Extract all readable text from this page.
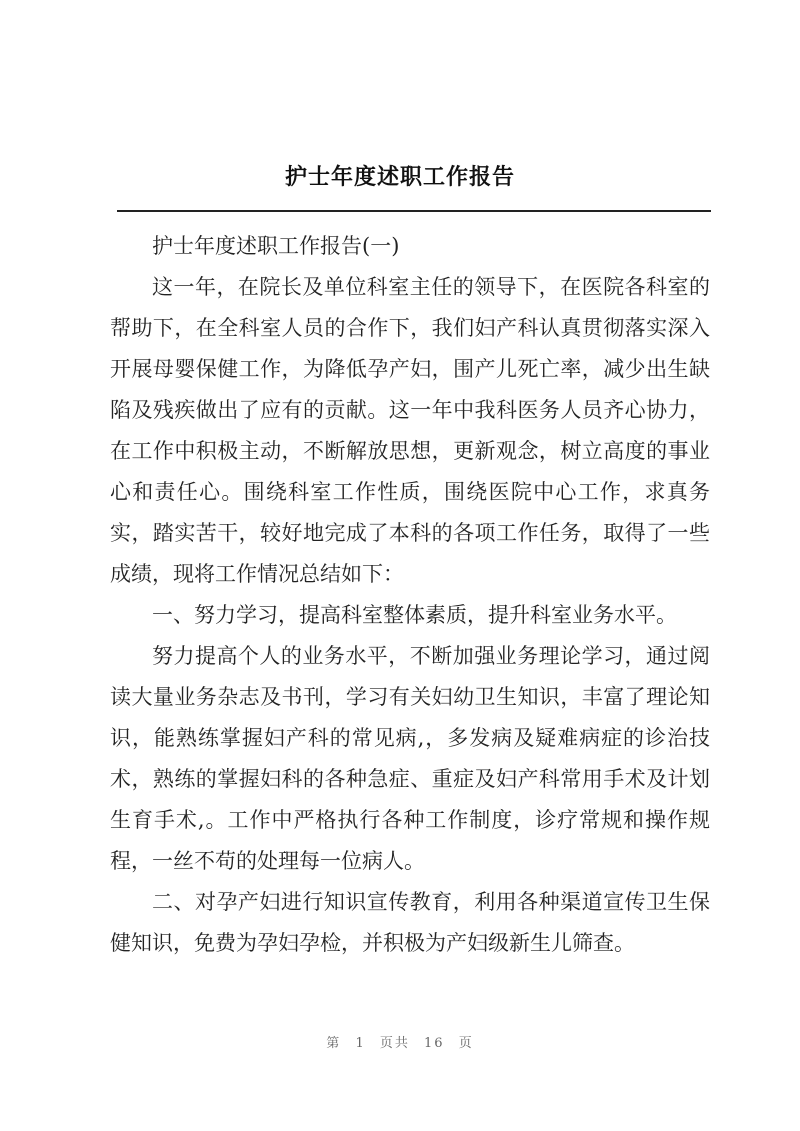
护士年度述职工作报告

护士年度述职工作报告(一)

这一年，在院长及单位科室主任的领导下，在医院各科室的帮助下，在全科室人员的合作下，我们妇产科认真贯彻落实深入开展母婴保健工作，为降低孕产妇，围产儿死亡率，减少出生缺陷及残疾做出了应有的贡献。这一年中我科医务人员齐心协力，在工作中积极主动，不断解放思想，更新观念，树立高度的事业心和责任心。围绕科室工作性质，围绕医院中心工作，求真务实，踏实苦干，较好地完成了本科的各项工作任务，取得了一些成绩，现将工作情况总结如下：

一、努力学习，提高科室整体素质，提升科室业务水平。

努力提高个人的业务水平，不断加强业务理论学习，通过阅读大量业务杂志及书刊，学习有关妇幼卫生知识，丰富了理论知识，能熟练掌握妇产科的常见病,，多发病及疑难病症的诊治技术，熟练的掌握妇科的各种急症、重症及妇产科常用手术及计划生育手术,。工作中严格执行各种工作制度，诊疗常规和操作规程，一丝不苟的处理每一位病人。

二、对孕产妇进行知识宣传教育，利用各种渠道宣传卫生保健知识，免费为孕妇孕检，并积极为产妇级新生儿筛查。

第 1 页共 16 页
